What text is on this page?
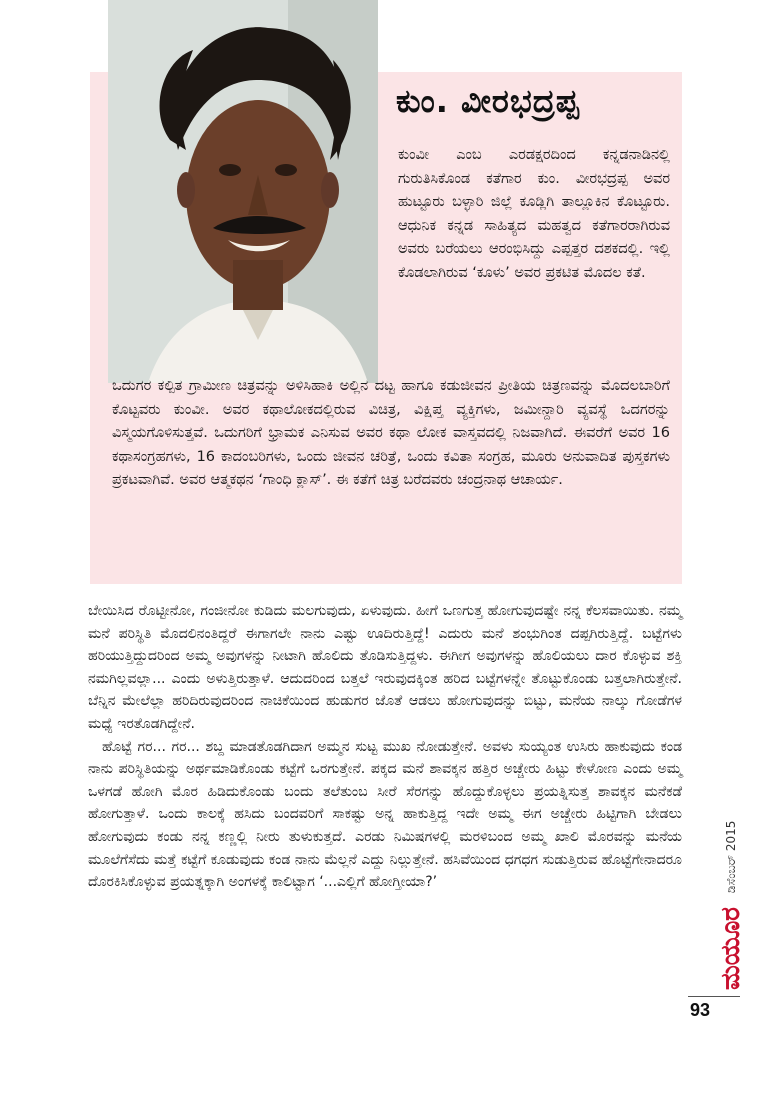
ಕುಂ. ವೀರಭದ್ರಪ್ಪ

ಕುಂವೀ ಎಂಬ ಎರಡಕ್ಷರದಿಂದ ಕನ್ನಡನಾಡಿನಲ್ಲಿ ಗುರುತಿಸಿಕೊಂಡ ಕತೆಗಾರ ಕುಂ. ವೀರಭದ್ರಪ್ಪ ಅವರ ಹುಟ್ಟೂರು ಬಳ್ಳಾರಿ ಜಿಲ್ಲೆ ಕೂಡ್ಲಿಗಿ ತಾಲ್ಲೂಕಿನ ಕೊಟ್ಟೂರು. ಆಧುನಿಕ ಕನ್ನಡ ಸಾಹಿತ್ಯದ ಮಹತ್ವದ ಕತೆಗಾರರಾಗಿರುವ ಅವರು ಬರೆಯಲು ಆರಂಭಿಸಿದ್ದು ಎಪ್ಪತ್ತರ ದಶಕದಲ್ಲಿ. ಇಲ್ಲಿ ಕೊಡಲಾಗಿರುವ ‘ಕೂಳು’ ಅವರ ಪ್ರಕಟಿತ ಮೊದಲ ಕತೆ.

ಒದುಗರ ಕಲ್ಪಿತ ಗ್ರಾಮೀಣ ಚಿತ್ರವನ್ನು ಅಳಿಸಿಹಾಕಿ ಅಲ್ಲಿನ ದಟ್ಟ ಹಾಗೂ ಕಡುಜೀವನ ಪ್ರೀತಿಯ ಚಿತ್ರಣವನ್ನು ಮೊದಲಬಾರಿಗೆ ಕೊಟ್ಟವರು ಕುಂವೀ. ಅವರ ಕಥಾಲೋಕದಲ್ಲಿರುವ ವಿಚಿತ್ರ, ವಿಕ್ಷಿಪ್ತ ವ್ಯಕ್ತಿಗಳು, ಜಮೀನ್ದಾರಿ ವ್ಯವಸ್ಥೆ ಒದಗರನ್ನು ವಿಸ್ಮಯಗೊಳಿಸುತ್ತವೆ. ಒದುಗರಿಗೆ ಭ್ರಾಮಕ ಎನಿಸುವ ಅವರ ಕಥಾ ಲೋಕ ವಾಸ್ತವದಲ್ಲಿ ನಿಜವಾಗಿದೆ. ಈವರೆಗೆ ಅವರ 16 ಕಥಾಸಂಗ್ರಹಗಳು, 16 ಕಾದಂಬರಿಗಳು, ಒಂದು ಜೀವನ ಚರಿತ್ರೆ, ಒಂದು ಕವಿತಾ ಸಂಗ್ರಹ, ಮೂರು ಅನುವಾದಿತ ಪುಸ್ತಕಗಳು ಪ್ರಕಟವಾಗಿವೆ. ಅವರ ಆತ್ಮಕಥನ ‘ಗಾಂಧಿ ಕ್ಲಾಸ್’. ಈ ಕತೆಗೆ ಚಿತ್ರ ಬರೆದವರು ಚಂದ್ರನಾಥ ಆಚಾರ್ಯ.

ಬೇಯಿಸಿದ ರೊಟ್ಟೀನೋ, ಗಂಜೀನೋ ಕುಡಿದು ಮಲಗುವುದು, ಏಳುವುದು. ಹೀಗೆ ಒಣಗುತ್ತ ಹೋಗುವುದಷ್ಟೇ ನನ್ನ ಕೆಲಸವಾಯಿತು. ನಮ್ಮ ಮನೆ ಪರಿಸ್ಥಿತಿ ಮೊದಲಿನಂತಿದ್ದರೆ ಈಗಾಗಲೇ ನಾನು ಎಷ್ಟು ಊದಿರುತ್ತಿದ್ದೆ! ಎದುರು ಮನೆ ಶಂಭುಗಿಂತ ದಪ್ಪಗಿರುತ್ತಿದ್ದೆ. ಬಟ್ಟೆಗಳು ಹರಿಯುತ್ತಿದ್ದುದರಿಂದ ಅಮ್ಮ ಅವುಗಳನ್ನು ನೀಟಾಗಿ ಹೊಲಿದು ತೊಡಿಸುತ್ತಿದ್ದಳು. ಈಗೀಗ ಅವುಗಳನ್ನು ಹೊಲಿಯಲು ದಾರ ಕೊಳ್ಳುವ ಶಕ್ತಿ ನಮಗಿಲ್ಲವಲ್ಲಾ... ಎಂದು ಅಳುತ್ತಿರುತ್ತಾಳೆ. ಆದುದರಿಂದ ಬತ್ತಲೆ ಇರುವುದಕ್ಕಿಂತ ಹರಿದ ಬಟ್ಟೆಗಳನ್ನೇ ತೊಟ್ಟುಕೊಂಡು ಬತ್ತಲಾಗಿರುತ್ತೇನೆ. ಬೆನ್ನಿನ ಮೇಲೆಲ್ಲಾ ಹರಿದಿರುವುದರಿಂದ ನಾಚಿಕೆಯಿಂದ ಹುಡುಗರ ಜೊತೆ ಆಡಲು ಹೋಗುವುದನ್ನು ಬಿಟ್ಟು, ಮನೆಯ ನಾಲ್ಕು ಗೋಡೆಗಳ ಮಧ್ಯೆ ಇರತೊಡಗಿದ್ದೇನೆ.

ಹೊಟ್ಟೆ ಗರ... ಗರ... ಶಬ್ದ ಮಾಡತೊಡಗಿದಾಗ ಅಮ್ಮನ ಸುಟ್ಟ ಮುಖ ನೋಡುತ್ತೇನೆ. ಅವಳು ಸುಯ್ಯಂತ ಉಸಿರು ಹಾಕುವುದು ಕಂಡ ನಾನು ಪರಿಸ್ಥಿತಿಯನ್ನು ಅರ್ಥಮಾಡಿಕೊಂಡು ಕಟ್ಟೆಗೆ ಒರಗುತ್ತೇನೆ. ಪಕ್ಕದ ಮನೆ ಶಾವಕ್ಕನ ಹತ್ತಿರ ಅಚ್ಚೇರು ಹಿಟ್ಟು ಕೇಳೋಣ ಎಂದು ಅಮ್ಮ ಒಳಗಡೆ ಹೋಗಿ ಮೊರ ಹಿಡಿದುಕೊಂಡು ಬಂದು ತಲೆತುಂಬ ಸೀರೆ ಸೆರಗನ್ನು ಹೊದ್ದುಕೊಳ್ಳಲು ಪ್ರಯತ್ನಿಸುತ್ತ ಶಾವಕ್ಕನ ಮನೆಕಡೆ ಹೋಗುತ್ತಾಳೆ. ಒಂದು ಕಾಲಕ್ಕೆ ಹಸಿದು ಬಂದವರಿಗೆ ಸಾಕಷ್ಟು ಅನ್ನ ಹಾಕುತ್ತಿದ್ದ ಇದೇ ಅಮ್ಮ ಈಗ ಅಚ್ಚೇರು ಹಿಟ್ಟಿಗಾಗಿ ಬೇಡಲು ಹೋಗುವುದು ಕಂಡು ನನ್ನ ಕಣ್ಣಲ್ಲಿ ನೀರು ತುಳುಕುತ್ತದೆ. ಎರಡು ನಿಮಿಷಗಳಲ್ಲಿ ಮರಳಿಬಂದ ಅಮ್ಮ ಖಾಲಿ ಮೊರವನ್ನು ಮನೆಯ ಮೂಲೆಗೆಸೆದು ಮತ್ತೆ ಕಟ್ಟೆಗೆ ಕೂಡುವುದು ಕಂಡ ನಾನು ಮೆಲ್ಲನೆ ಎದ್ದು ನಿಲ್ಲುತ್ತೇನೆ. ಹಸಿವೆಯಿಂದ ಧಗಧಗ ಸುಡುತ್ತಿರುವ ಹೊಟ್ಟೆಗೇನಾದರೂ ದೊರಕಿಸಿಕೊಳ್ಳುವ ಪ್ರಯತ್ನಕ್ಕಾಗಿ ಅಂಗಳಕ್ಕೆ ಕಾಲಿಟ್ಟಾಗ ‘...ಎಲ್ಲಿಗೆ ಹೋಗ್ತೀಯಾ?’

ಮಯೂರ
ಡಿಸೆಂಬರ್ 2015
93
